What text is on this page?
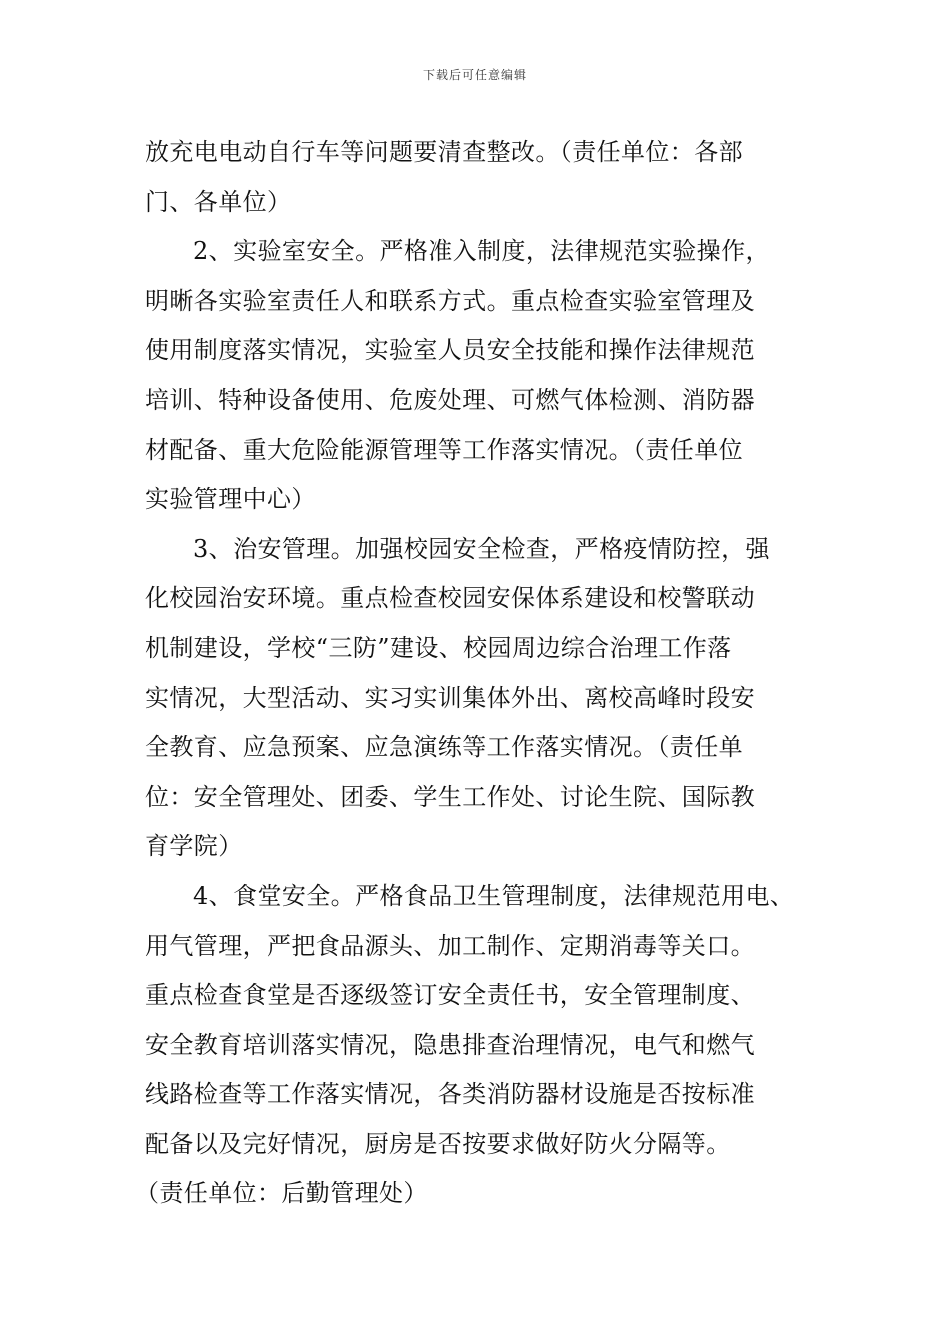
下载后可任意编辑
放充电电动自行车等问题要清查整改。（责任单位：各部
门、各单位）
2、实验室安全。严格准入制度，法律规范实验操作，
明晰各实验室责任人和联系方式。重点检查实验室管理及
使用制度落实情况，实验室人员安全技能和操作法律规范
培训、特种设备使用、危废处理、可燃气体检测、消防器
材配备、重大危险能源管理等工作落实情况。（责任单位
实验管理中心）
3、治安管理。加强校园安全检查，严格疫情防控，强
化校园治安环境。重点检查校园安保体系建设和校警联动
机制建设，学校“三防”建设、校园周边综合治理工作落
实情况，大型活动、实习实训集体外出、离校高峰时段安
全教育、应急预案、应急演练等工作落实情况。（责任单
位：安全管理处、团委、学生工作处、讨论生院、国际教
育学院）
4、食堂安全。严格食品卫生管理制度，法律规范用电、
用气管理，严把食品源头、加工制作、定期消毒等关口。
重点检查食堂是否逐级签订安全责任书，安全管理制度、
安全教育培训落实情况，隐患排查治理情况，电气和燃气
线路检查等工作落实情况，各类消防器材设施是否按标准
配备以及完好情况，厨房是否按要求做好防火分隔等。
（责任单位：后勤管理处）
